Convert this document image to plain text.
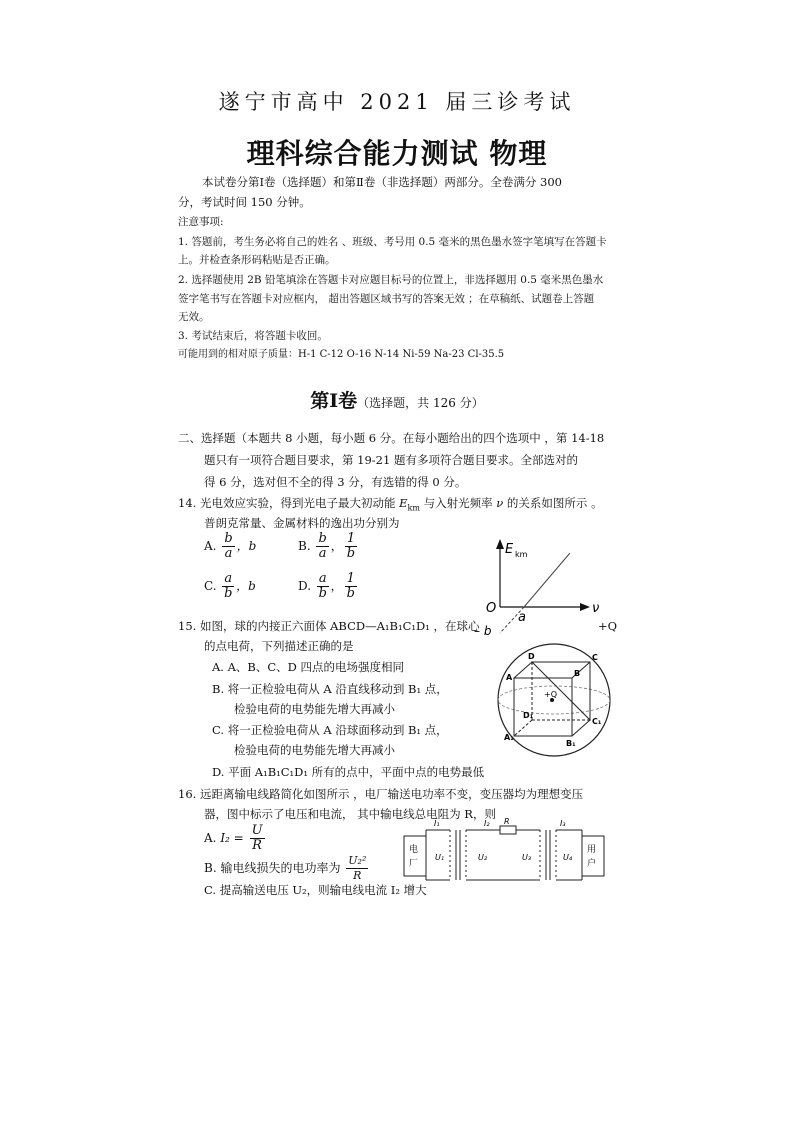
遂宁市高中 2021 届三诊考试
理科综合能力测试 物理
本试卷分第Ⅰ卷（选择题）和第Ⅱ卷（非选择题）两部分。全卷满分 300
分，考试时间 150 分钟。
注意事项:
1. 答题前，考生务必将自己的姓名 、班级、考号用 0.5 毫米的黑色墨水签字笔填写在答题卡
上。并检查条形码粘贴是否正确。
2. 选择题使用 2B 铅笔填涂在答题卡对应题目标号的位置上，非选择题用 0.5 毫米黑色墨水
签字笔书写在答题卡对应框内， 超出答题区域书写的答案无效 ；在草稿纸、试题卷上答题
无效。
3. 考试结束后，将答题卡收回。
可能用到的相对原子质量：H-1 C-12 O-16 N-14 Ni-59 Na-23 Cl-35.5
第Ⅰ卷（选择题，共 126 分）
二、选择题（本题共 8 小题，每小题 6 分。在每小题给出的四个选项中 ，第 14-18
题只有一项符合题目要求，第 19-21 题有多项符合题目要求。全部选对的
得 6 分，选对但不全的得 3 分，有选错的得 0 分。
14. 光电效应实验，得到光电子最大初动能 $E_{km}$ 与入射光频率 ν 的关系如图所示 。
普朗克常量、金属材料的逸出功分别为
A. $\frac{b}{a}$ ，b	B. $\frac{b}{a}$ ， $\frac{1}{b}$
C. $\frac{a}{b}$ ，b	D. $\frac{a}{b}$ ， $\frac{1}{b}$
E km
O	ν
a
– b
15. 如图，球的内接正六面体 ABCD—A₁B₁C₁D₁ ，在球心	+Q
的点电荷，下列描述正确的是
A. A、B、C、D 四点的电场强度相同
B. 将一正检验电荷从 A 沿直线移动到 B₁ 点，
检验电荷的电势能先增大再减小
C. 将一正检验电荷从 A 沿球面移动到 B₁ 点，
检验电荷的电势能先增大再减小
D. 平面 A₁B₁C₁D₁ 所有的点中，平面中点的电势最低
+Q
D	C
A	B
D₁
C₁
A₁
B₁
16. 远距离输电线路简化如图所示 ，电厂输送电功率不变，变压器均为理想变压
器，图中标示了电压和电流， 其中输电线总电阻为 R，则
A. $I_2 = \frac{U}{R}$
B. 输电线损失的电功率为 $\frac{\text{U₂²}}{R}$
C. 提高输送电压 U₂，则输电线电流 I₂ 增大
电
厂
用
户
I₁	I₂ R	I₃
U₁	U₂	U₃	U₄
